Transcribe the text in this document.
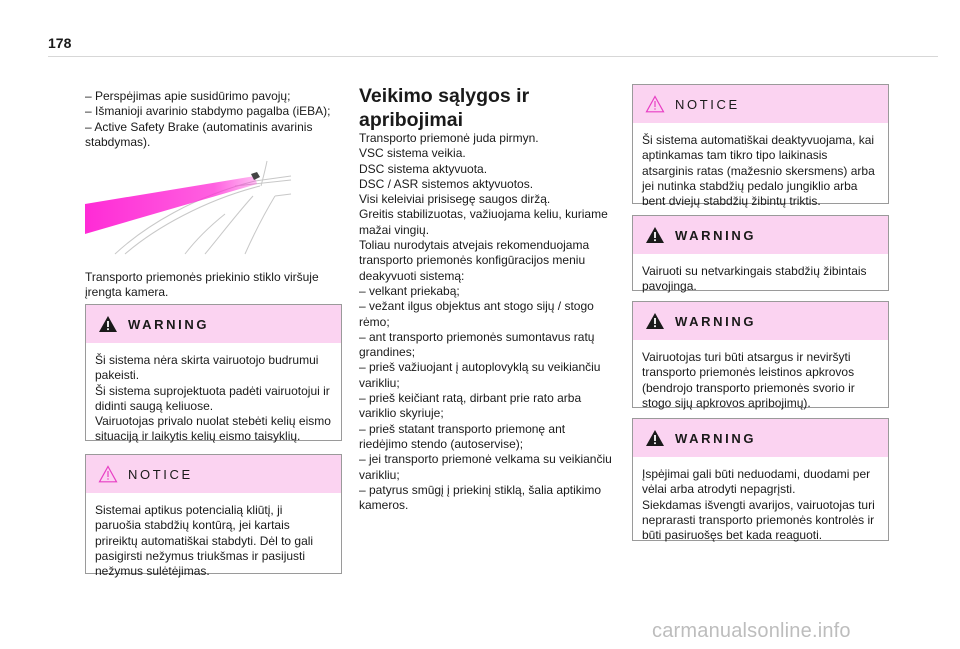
178

– Perspėjimas apie susidūrimo pavojų;
– Išmanioji avarinio stabdymo pagalba (iEBA);
– Active Safety Brake (automatinis avarinis stabdymas).

Transporto priemonės priekinio stiklo viršuje įrengta kamera.

WARNING
Ši sistema nėra skirta vairuotojo budrumui pakeisti.
Ši sistema suprojektuota padėti vairuotojui ir didinti saugą keliuose.
Vairuotojas privalo nuolat stebėti kelių eismo situaciją ir laikytis kelių eismo taisyklių.
NOTICE
Sistemai aptikus potencialią kliūtį, ji paruošia stabdžių kontūrą, jei kartais prireiktų automatiškai stabdyti. Dėl to gali pasigirsti nežymus triukšmas ir pasijusti nežymus sulėtėjimas.
Veikimo sąlygos ir
apribojimai

Transporto priemonė juda pirmyn.
VSC sistema veikia.
DSC sistema aktyvuota.
DSC / ASR sistemos aktyvuotos.
Visi keleiviai prisisegę saugos diržą.
Greitis stabilizuotas, važiuojama keliu, kuriame mažai vingių.
Toliau nurodytais atvejais rekomenduojama transporto priemonės konfigūracijos meniu deakyvuoti sistemą:
– velkant priekabą;
– vežant ilgus objektus ant stogo sijų / stogo rėmo;
– ant transporto priemonės sumontavus ratų grandines;
– prieš važiuojant į autoplovyklą su veikiančiu varikliu;
– prieš keičiant ratą, dirbant prie rato arba variklio skyriuje;
– prieš statant transporto priemonę ant riedėjimo stendo (autoservise);
– jei transporto priemonė velkama su veikiančiu varikliu;
– patyrus smūgį į priekinį stiklą, šalia aptikimo kameros.

NOTICE
Ši sistema automatiškai deaktyvuojama, kai aptinkamas tam tikro tipo laikinasis atsarginis ratas (mažesnio skersmens) arba jei nutinka stabdžių pedalo jungiklio arba bent dviejų stabdžių žibintų triktis.
WARNING
Vairuoti su netvarkingais stabdžių žibintais pavojinga.
WARNING
Vairuotojas turi būti atsargus ir neviršyti transporto priemonės leistinos apkrovos (bendrojo transporto priemonės svorio ir stogo sijų apkrovos apribojimų).
WARNING
Įspėjimai gali būti neduodami, duodami per vėlai arba atrodyti nepagrįsti.
Siekdamas išvengti avarijos, vairuotojas turi neprarasti transporto priemonės kontrolės ir būti pasiruošęs bet kada reaguoti.
carmanualsonline.info
